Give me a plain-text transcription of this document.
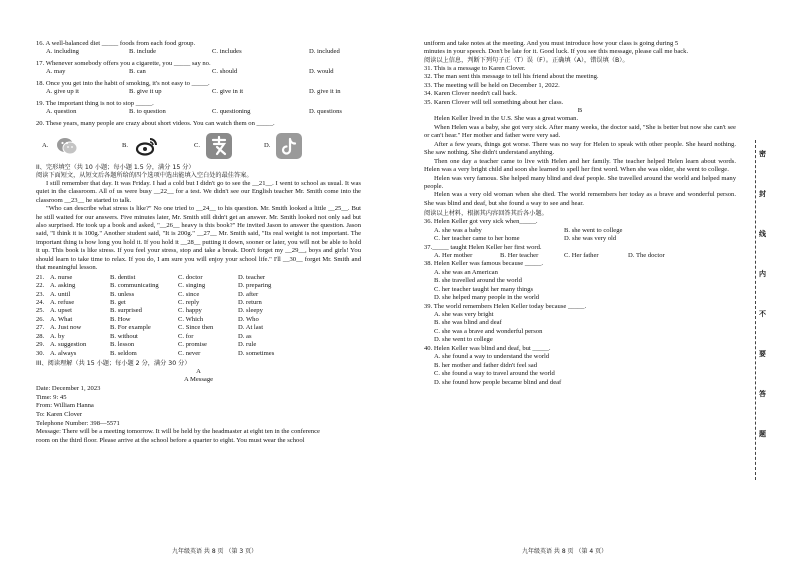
16. A well-balanced diet _____ foods from each food group.
A. including	B. include	C. includes	D. included
17. Whenever somebody offers you a cigarette, you _____ say no.
A. may	B. can	C. should	D. would
18. Once you get into the habit of smoking, it's not easy to _____.
A. give up it	B. give it up	C. give in it	D. give it in
19. The important thing is not to stop _____.
A. question	B. to question	C. questioning	D. questions
20. These years, many people are crazy about short videos. You can watch them on _____.
A.	B.	C.	D.
II、完形填空（共 10 小题；每小题 1.5 分，满分 15 分）
阅读下面短文，从短文后各题所给的四个选项中选出能填入空白处的最佳答案。

I still remember that day. It was Friday. I had a cold but I didn't go to see the __21__. I went to school as usual. It was quiet in the classroom. All of us were busy __22__ for a test. We didn't see our English teacher Mr. Smith come into the classroom __23__ he started to talk.

"Who can describe what stress is like?" No one tried to __24__ to his question. Mr. Smith looked a little __25__. But he still waited for our answers. Five minutes later, Mr. Smith still didn't get an answer. Mr. Smith looked not only sad but also surprised. He took up a book and asked, "__26__ heavy is this book?" He invited Jason to answer the question. Jason said, "I think it is 100g." Another student said, "It is 200g." __27__ Mr. Smith said, "Its real weight is not important. The important thing is how long you hold it. If you hold it __28__ putting it down, sooner or later, you will not be able to hold it up. This book is like stress. If you feel your stress, stop and take a break. Don't forget my __29__, boys and girls! You should learn to take time to relax. If you do, I am sure you will enjoy your school life." I'll __30__ forget Mr. Smith and that meaningful lesson.

21.	A. nurse	B. dentist	C. doctor	D. teacher
22.	A. asking	B. communicating	C. singing	D. preparing
23.	A. until	B. unless	C. since	D. after
24.	A. refuse	B. get	C. reply	D. return
25.	A. upset	B. surprised	C. happy	D. sleepy
26.	A. What	B. How	C. Which	D. Who
27.	A. Just now	B. For example	C. Since then	D. At last
28.	A. by	B. without	C. for	D. as
29.	A. suggestion	B. lesson	C. promise	D. rule
30.	A. always	B. seldom	C. never	D. sometimes
III、阅读理解（共 15 小题；每小题 2 分，满分 30 分）
A
A Message
Date: December 1, 2023
Time: 9: 45
From: William Hanna
To: Karen Clover
Telephone Number: 398—5571
Message: There will be a meeting tomorrow. It will be held by the headmaster at eight ten in the conference
room on the third floor. Please arrive at the school before a quarter to eight. You must wear the school
九年级英语 共 8 页 （第 3 页）
uniform and take notes at the meeting. And you must introduce how your class is going during 5
minutes in your speech. Don't be late for it. Good luck. If you see this message, please call me back.
阅读以上信息，判断下列句子正（T）误（F）。正确填（A），错误填（B）。
31. This is a message to Karen Clover.
32. The man sent this message to tell his friend about the meeting.
33. The meeting will be held on December 1, 2022.
34. Karen Clover needn't call back.
35. Karen Clover will tell something about her class.
B

Helen Keller lived in the U.S. She was a great woman.

When Helen was a baby, she got very sick. After many weeks, the doctor said, "She is better but now she can't see or can't hear." Her mother and father were very sad.

After a few years, things got worse. There was no way for Helen to speak with other people. She heard nothing. She saw nothing. She didn't understand anything.

Then one day a teacher came to live with Helen and her family. The teacher helped Helen learn about words. Helen was a very bright child and soon she learned to spell her first word. When she was older, she went to college.

Helen was very famous. She helped many blind and deaf people. She travelled around the world and helped many people.

Helen was a very old woman when she died. The world remembers her today as a brave and wonderful person. She was blind and deaf, but she found a way to see and hear.

阅读以上材料，根据其内容回答其后各小题。
36. Helen Keller got very sick when_____.
A. she was a baby	B. she went to college
C. her teacher came to her home	D. she was very old
37._____ taught Helen Keller her first word.
A. Her mother	B. Her teacher	C. Her father	D. The doctor
38. Helen Keller was famous because _____.
A. she was an American
B. she travelled around the world
C. her teacher taught her many things
D. she helped many people in the world
39. The world remembers Helen Keller today because _____.
A. she was very bright
B. she was blind and deaf
C. she was a brave and wonderful person
D. she went to college
40. Helen Keller was blind and deaf, but _____.
A. she found a way to understand the world
B. her mother and father didn't feel sad
C. she found a way to travel around the world
D. she found how people became blind and deaf
九年级英语 共 8 页 （第 4 页）
密
封
线
内
不
要
答
题
